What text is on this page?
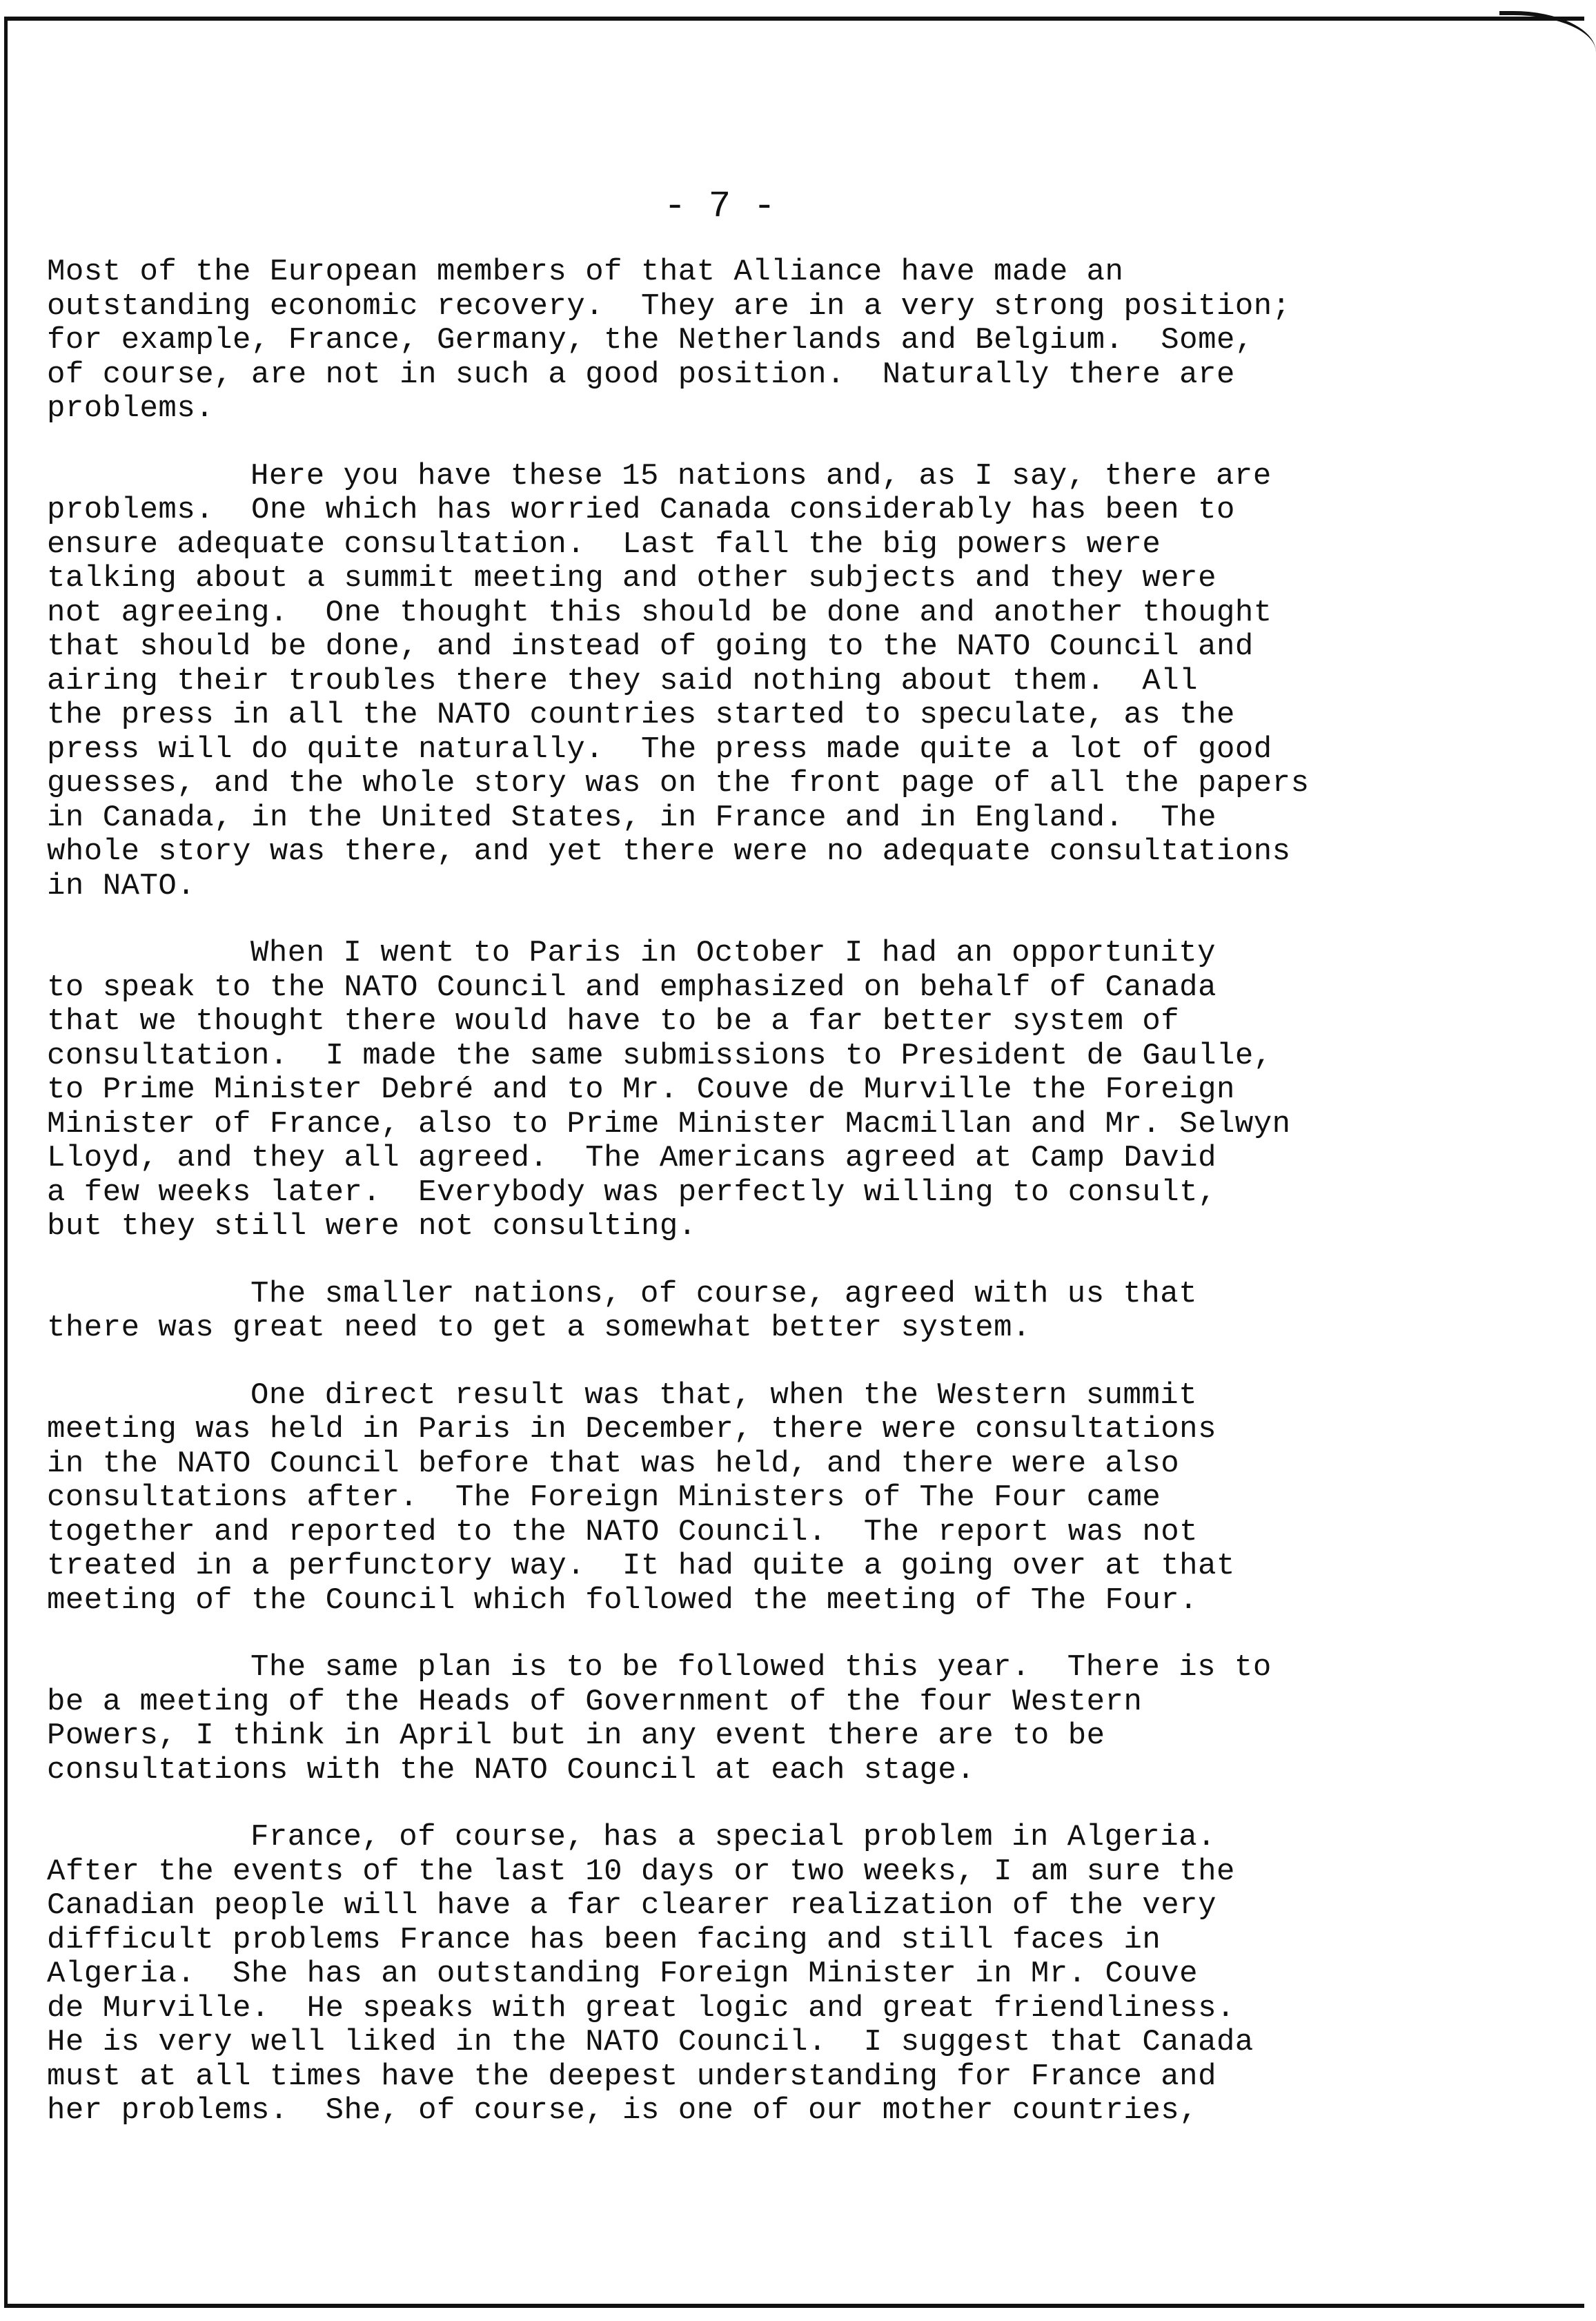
- 7 -
Most of the European members of that Alliance have made an
outstanding economic recovery.  They are in a very strong position;
for example, France, Germany, the Netherlands and Belgium.  Some,
of course, are not in such a good position.  Naturally there are
problems.
Here you have these 15 nations and, as I say, there are
problems.  One which has worried Canada considerably has been to
ensure adequate consultation.  Last fall the big powers were
talking about a summit meeting and other subjects and they were
not agreeing.  One thought this should be done and another thought
that should be done, and instead of going to the NATO Council and
airing their troubles there they said nothing about them.  All
the press in all the NATO countries started to speculate, as the
press will do quite naturally.  The press made quite a lot of good
guesses, and the whole story was on the front page of all the papers
in Canada, in the United States, in France and in England.  The
whole story was there, and yet there were no adequate consultations
in NATO.
When I went to Paris in October I had an opportunity
to speak to the NATO Council and emphasized on behalf of Canada
that we thought there would have to be a far better system of
consultation.  I made the same submissions to President de Gaulle,
to Prime Minister Debré and to Mr. Couve de Murville the Foreign
Minister of France, also to Prime Minister Macmillan and Mr. Selwyn
Lloyd, and they all agreed.  The Americans agreed at Camp David
a few weeks later.  Everybody was perfectly willing to consult,
but they still were not consulting.
The smaller nations, of course, agreed with us that
there was great need to get a somewhat better system.
One direct result was that, when the Western summit
meeting was held in Paris in December, there were consultations
in the NATO Council before that was held, and there were also
consultations after.  The Foreign Ministers of The Four came
together and reported to the NATO Council.  The report was not
treated in a perfunctory way.  It had quite a going over at that
meeting of the Council which followed the meeting of The Four.
The same plan is to be followed this year.  There is to
be a meeting of the Heads of Government of the four Western
Powers, I think in April but in any event there are to be
consultations with the NATO Council at each stage.
France, of course, has a special problem in Algeria.
After the events of the last 10 days or two weeks, I am sure the
Canadian people will have a far clearer realization of the very
difficult problems France has been facing and still faces in
Algeria.  She has an outstanding Foreign Minister in Mr. Couve
de Murville.  He speaks with great logic and great friendliness.
He is very well liked in the NATO Council.  I suggest that Canada
must at all times have the deepest understanding for France and
her problems.  She, of course, is one of our mother countries,
